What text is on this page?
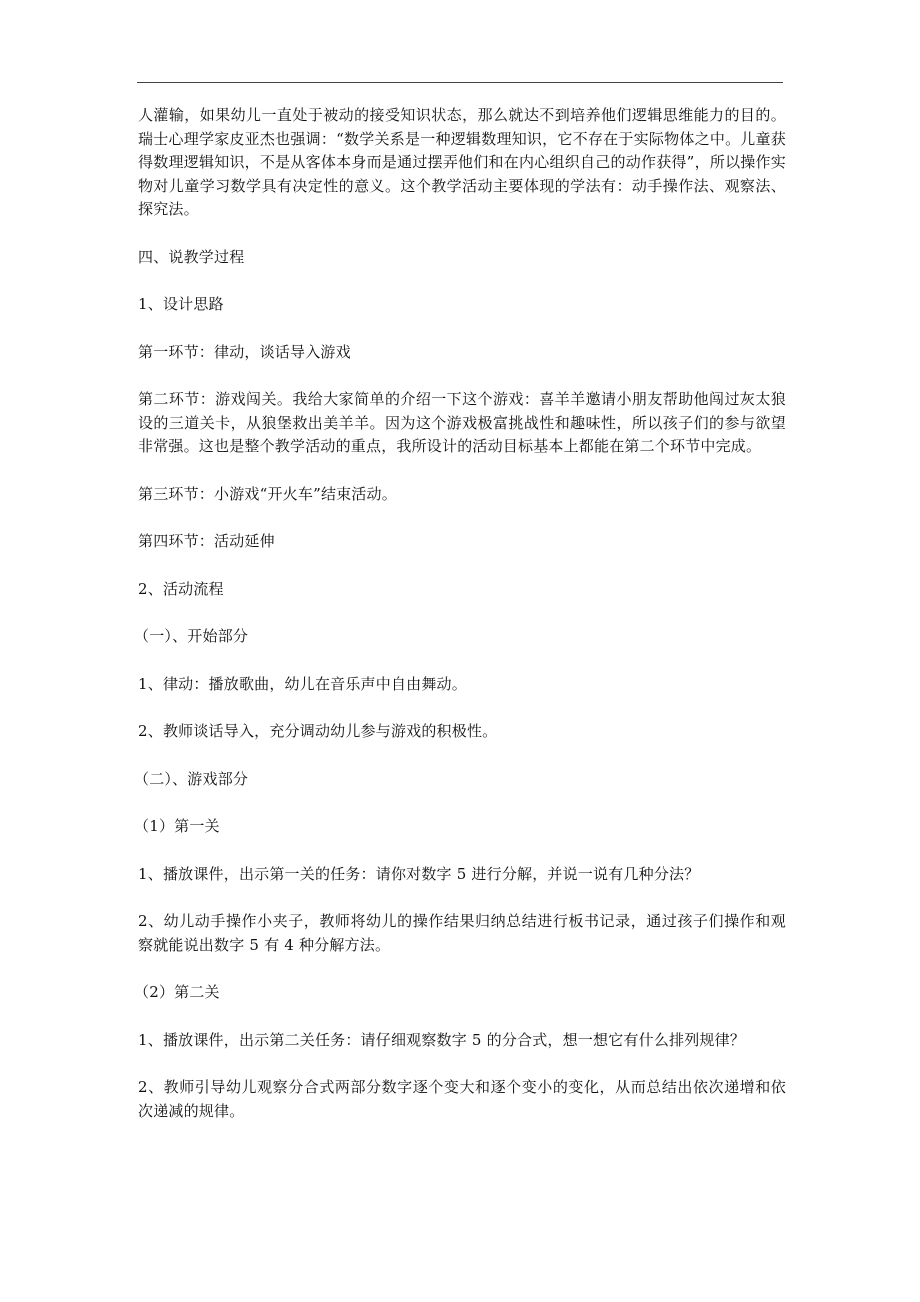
人灌输，如果幼儿一直处于被动的接受知识状态，那么就达不到培养他们逻辑思维能力的目的。瑞士心理学家皮亚杰也强调：“数学关系是一种逻辑数理知识，它不存在于实际物体之中。儿童获得数理逻辑知识，不是从客体本身而是通过摆弄他们和在内心组织自己的动作获得”，所以操作实物对儿童学习数学具有决定性的意义。这个教学活动主要体现的学法有：动手操作法、观察法、探究法。

四、说教学过程

1、设计思路

第一环节：律动，谈话导入游戏

第二环节：游戏闯关。我给大家简单的介绍一下这个游戏：喜羊羊邀请小朋友帮助他闯过灰太狼设的三道关卡，从狼堡救出美羊羊。因为这个游戏极富挑战性和趣味性，所以孩子们的参与欲望非常强。这也是整个教学活动的重点，我所设计的活动目标基本上都能在第二个环节中完成。

第三环节：小游戏“开火车”结束活动。

第四环节：活动延伸

2、活动流程

（一）、开始部分

1、律动：播放歌曲，幼儿在音乐声中自由舞动。

2、教师谈话导入，充分调动幼儿参与游戏的积极性。

（二）、游戏部分

（1）第一关

1、播放课件，出示第一关的任务：请你对数字 5 进行分解，并说一说有几种分法？

2、幼儿动手操作小夹子，教师将幼儿的操作结果归纳总结进行板书记录，通过孩子们操作和观察就能说出数字 5 有 4 种分解方法。

（2）第二关

1、播放课件，出示第二关任务：请仔细观察数字 5 的分合式，想一想它有什么排列规律？

2、教师引导幼儿观察分合式两部分数字逐个变大和逐个变小的变化，从而总结出依次递增和依次递减的规律。
